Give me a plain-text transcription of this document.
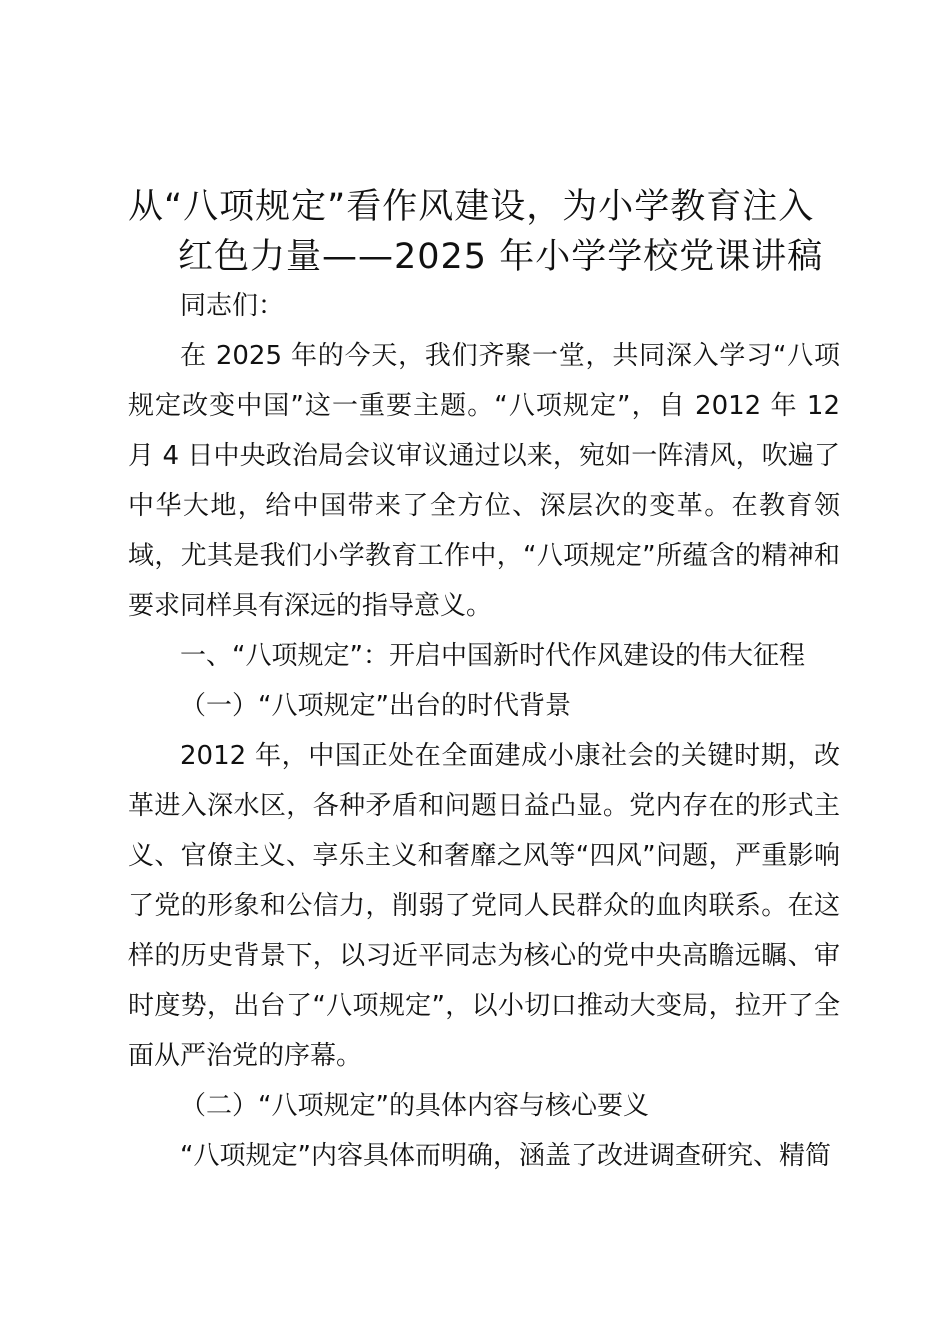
从“八项规定”看作风建设，为小学教育注入
红色力量——2025 年小学学校党课讲稿

同志们：

在 2025 年的今天，我们齐聚一堂，共同深入学习“八项规定改变中国”这一重要主题。“八项规定”，自 2012 年 12 月 4 日中央政治局会议审议通过以来，宛如一阵清风，吹遍了中华大地，给中国带来了全方位、深层次的变革。在教育领域，尤其是我们小学教育工作中，“八项规定”所蕴含的精神和要求同样具有深远的指导意义。

一、“八项规定”：开启中国新时代作风建设的伟大征程

（一）“八项规定”出台的时代背景

2012 年，中国正处在全面建成小康社会的关键时期，改革进入深水区，各种矛盾和问题日益凸显。党内存在的形式主义、官僚主义、享乐主义和奢靡之风等“四风”问题，严重影响了党的形象和公信力，削弱了党同人民群众的血肉联系。在这样的历史背景下，以习近平同志为核心的党中央高瞻远瞩、审时度势，出台了“八项规定”，以小切口推动大变局，拉开了全面从严治党的序幕。

（二）“八项规定”的具体内容与核心要义

“八项规定”内容具体而明确，涵盖了改进调查研究、精简
